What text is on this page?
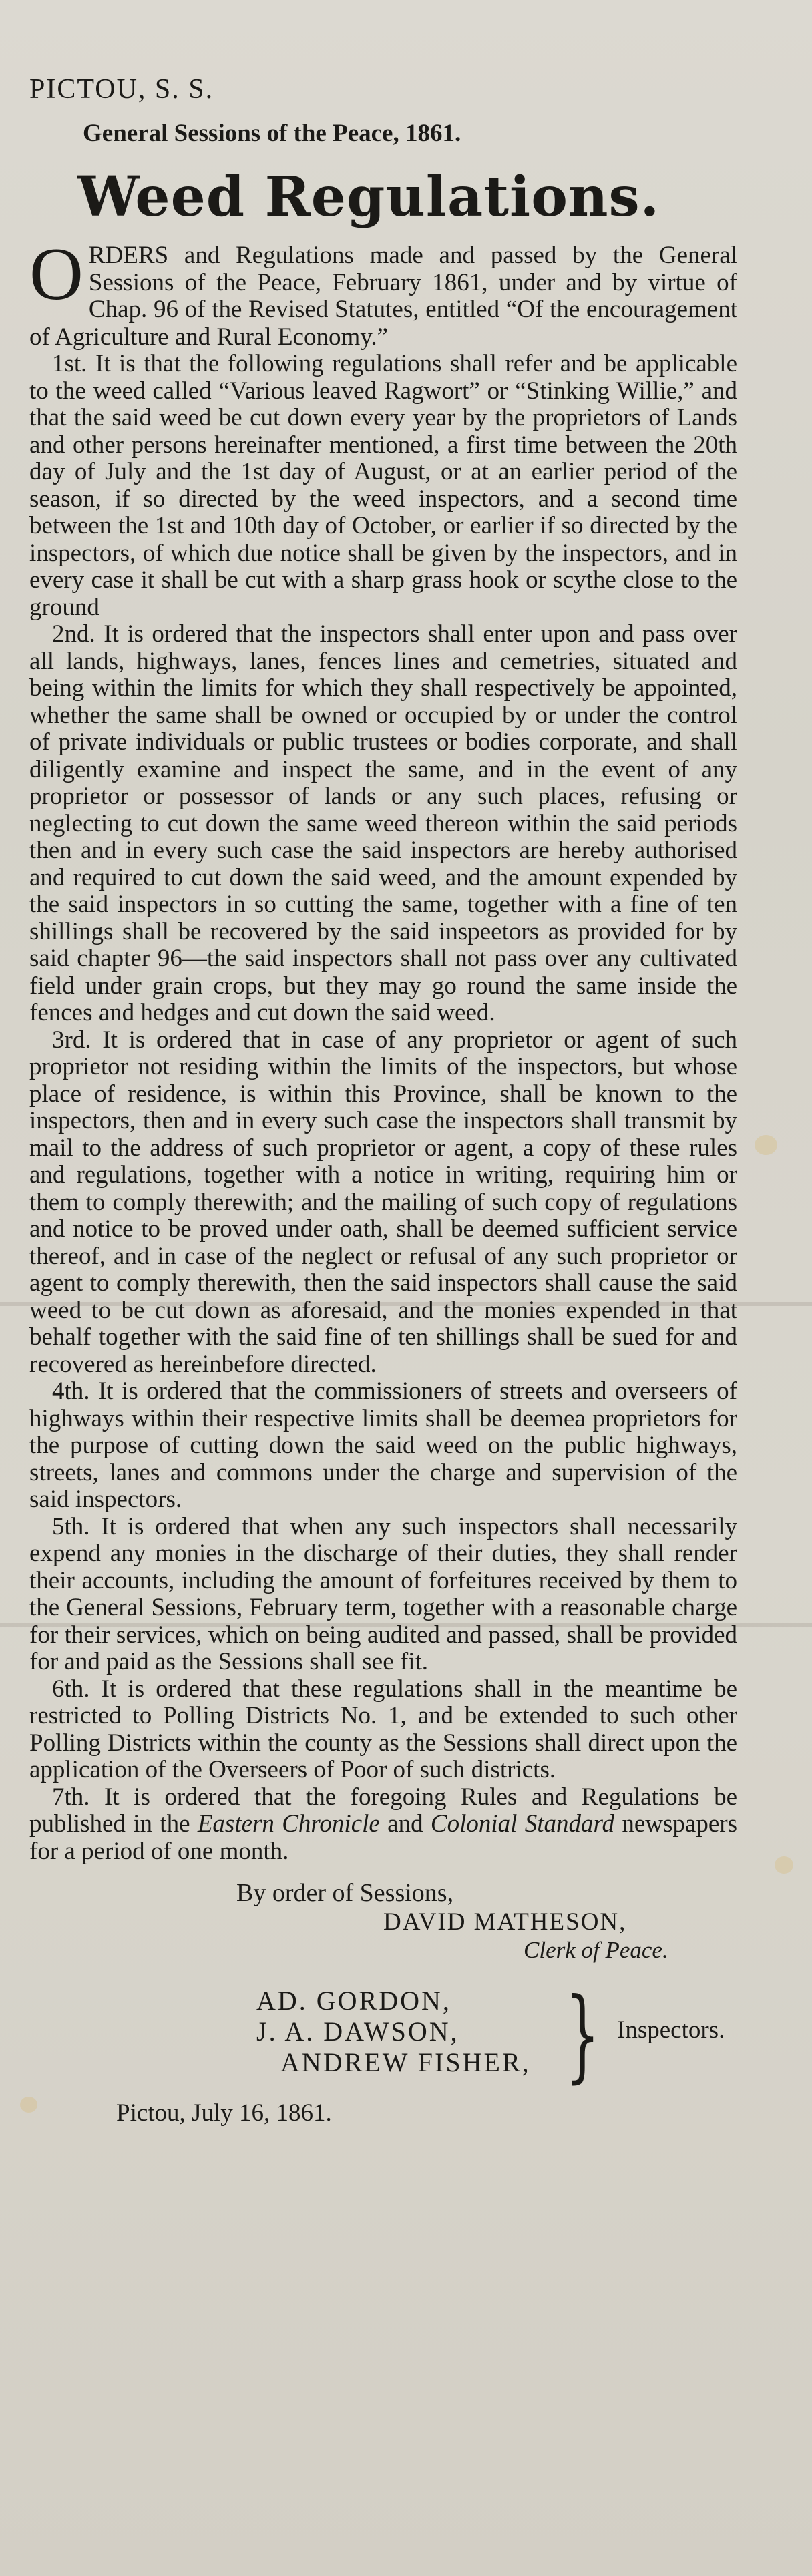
PICTOU, S. S.
General Sessions of the Peace, 1861.
Weed Regulations.

ORDERS and Regulations made and passed by the General Sessions of the Peace, February 1861, under and by virtue of Chap. 96 of the Revised Statutes, entitled “Of the encouragement of Agriculture and Rural Economy.”

1st. It is that the following regulations shall refer and be applicable to the weed called “Various leaved Ragwort” or “Stinking Willie,” and that the said weed be cut down every year by the proprietors of Lands and other persons hereinafter mentioned, a first time between the 20th day of July and the 1st day of August, or at an earlier period of the season, if so directed by the weed inspectors, and a second time between the 1st and 10th day of October, or earlier if so directed by the inspectors, of which due notice shall be given by the inspectors, and in every case it shall be cut with a sharp grass hook or scythe close to the ground

2nd. It is ordered that the inspectors shall enter upon and pass over all lands, highways, lanes, fences lines and cemetries, situated and being within the limits for which they shall respectively be appointed, whether the same shall be owned or occupied by or under the control of private individuals or public trustees or bodies corporate, and shall diligently examine and inspect the same, and in the event of any proprietor or possessor of lands or any such places, refusing or neglecting to cut down the same weed thereon within the said periods then and in every such case the said inspectors are hereby authorised and required to cut down the said weed, and the amount expended by the said inspectors in so cutting the same, together with a fine of ten shillings shall be recovered by the said inspeetors as provided for by said chapter 96—the said inspectors shall not pass over any cultivated field under grain crops, but they may go round the same inside the fences and hedges and cut down the said weed.

3rd. It is ordered that in case of any proprietor or agent of such proprietor not residing within the limits of the inspectors, but whose place of residence, is within this Province, shall be known to the inspectors, then and in every such case the inspectors shall transmit by mail to the address of such proprietor or agent, a copy of these rules and regulations, together with a notice in writing, requiring him or them to comply therewith; and the mailing of such copy of regulations and notice to be proved under oath, shall be deemed sufficient service thereof, and in case of the neglect or refusal of any such proprietor or agent to comply therewith, then the said inspectors shall cause the said weed to be cut down as aforesaid, and the monies expended in that behalf together with the said fine of ten shillings shall be sued for and recovered as hereinbefore directed.

4th. It is ordered that the commissioners of streets and overseers of highways within their respective limits shall be deemea proprietors for the purpose of cutting down the said weed on the public highways, streets, lanes and commons under the charge and supervision of the said inspectors.

5th. It is ordered that when any such inspectors shall necessarily expend any monies in the discharge of their duties, they shall render their accounts, including the amount of forfeitures received by them to the General Sessions, February term, together with a reasonable charge for their services, which on being audited and passed, shall be provided for and paid as the Sessions shall see fit.

6th. It is ordered that these regulations shall in the meantime be restricted to Polling Districts No. 1, and be extended to such other Polling Districts within the county as the Sessions shall direct upon the application of the Overseers of Poor of such districts.

7th. It is ordered that the foregoing Rules and Regulations be published in the Eastern Chronicle and Colonial Standard newspapers for a period of one month.

By order of Sessions,
DAVID MATHESON,
Clerk of Peace.
AD. GORDON,
J. A. DAWSON,
ANDREW FISHER, } Inspectors.
Pictou, July 16, 1861.
